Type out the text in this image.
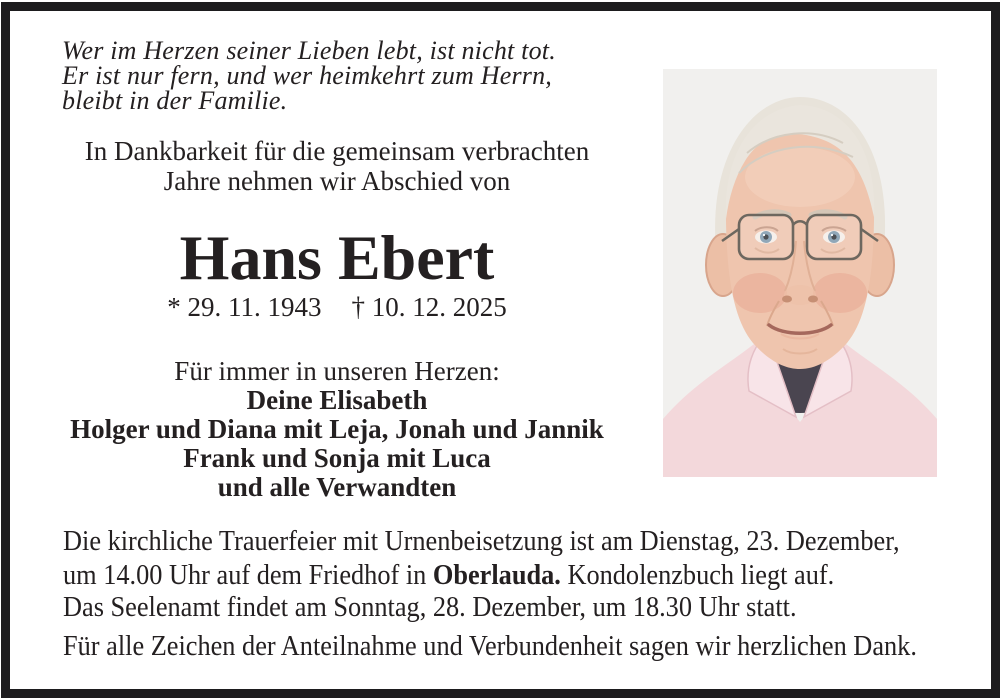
Wer im Herzen seiner Lieben lebt, ist nicht tot.
Er ist nur fern, und wer heimkehrt zum Herrn,
bleibt in der Familie.
In Dankbarkeit für die gemeinsam verbrachten
Jahre nehmen wir Abschied von
Hans Ebert
* 29. 11. 1943 † 10. 12. 2025
Für immer in unseren Herzen:
Deine Elisabeth
Holger und Diana mit Leja, Jonah und Jannik
Frank und Sonja mit Luca
und alle Verwandten
Die kirchliche Trauerfeier mit Urnenbeisetzung ist am Dienstag, 23. Dezember,
um 14.00 Uhr auf dem Friedhof in Oberlauda. Kondolenzbuch liegt auf.
Das Seelenamt findet am Sonntag, 28. Dezember, um 18.30 Uhr statt.
Für alle Zeichen der Anteilnahme und Verbundenheit sagen wir herzlichen Dank.
